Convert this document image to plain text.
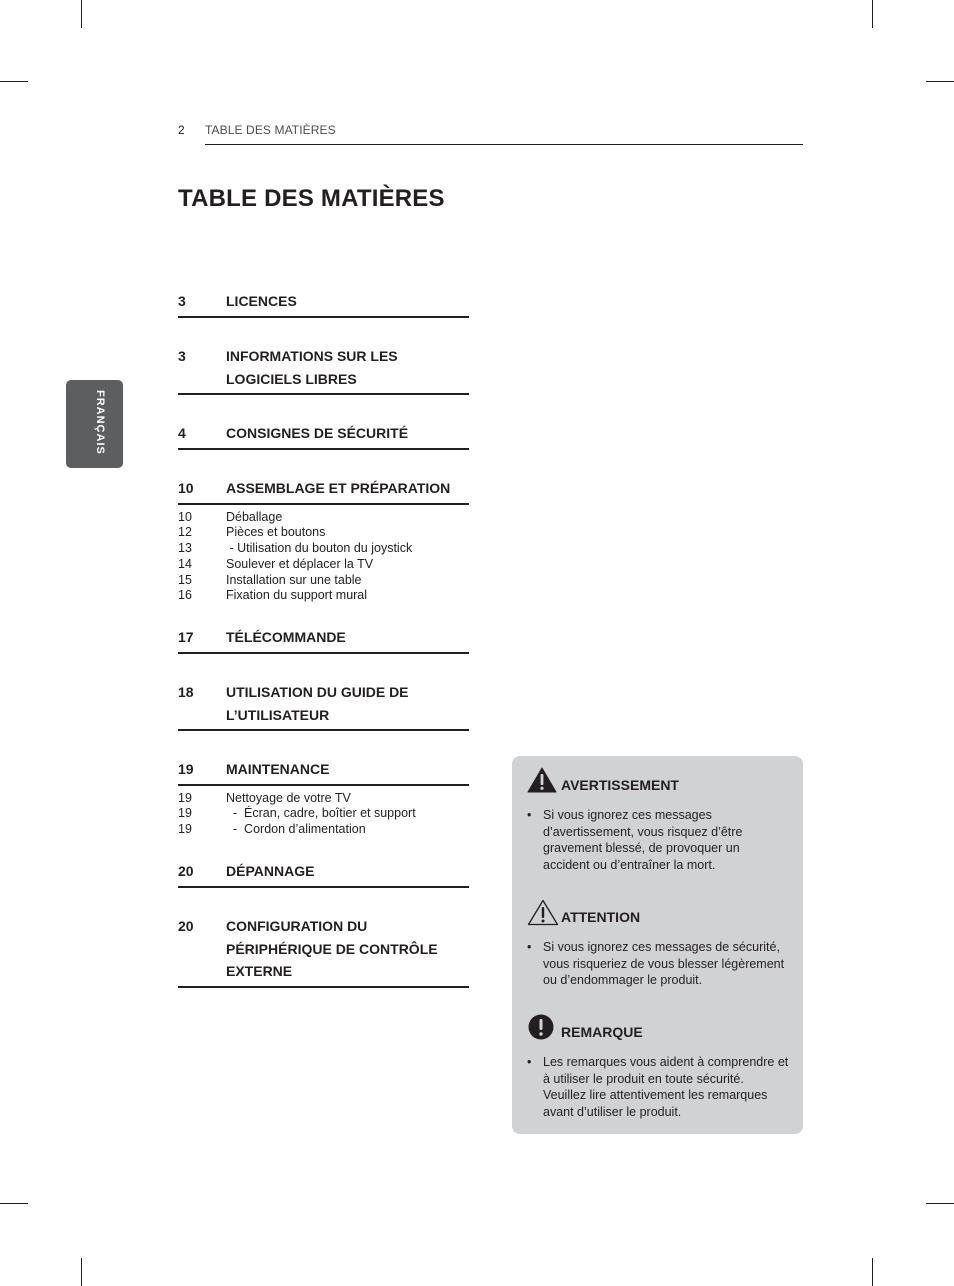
2 TABLE DES MATIÈRES
TABLE DES MATIÈRES
FRANÇAIS
3	LICENCES
3	INFORMATIONS SUR LES LOGICIELS LIBRES
4	CONSIGNES DE SÉCURITÉ
10 ASSEMBLAGE ET PRÉPARATION
10	Déballage
12	Pièces et boutons
13	- Utilisation du bouton du joystick
14	Soulever et déplacer la TV
15	Installation sur une table
16	Fixation du support mural
17 TÉLÉCOMMANDE
18 UTILISATION DU GUIDE DE L’UTILISATEUR
19 MAINTENANCE
19	Nettoyage de votre TV
19	-  Écran, cadre, boîtier et support
19	-  Cordon d’alimentation
20 DÉPANNAGE
20 CONFIGURATION DU PÉRIPHÉRIQUE DE CONTRÔLE EXTERNE
AVERTISSEMENT
• Si vous ignorez ces messages d’avertissement, vous risquez d’être gravement blessé, de provoquer un accident ou d’entraîner la mort.
ATTENTION
• Si vous ignorez ces messages de sécurité, vous risqueriez de vous blesser légèrement ou d’endommager le produit.
REMARQUE
• Les remarques vous aident à comprendre et à utiliser le produit en toute sécurité. Veuillez lire attentivement les remarques avant d’utiliser le produit.
